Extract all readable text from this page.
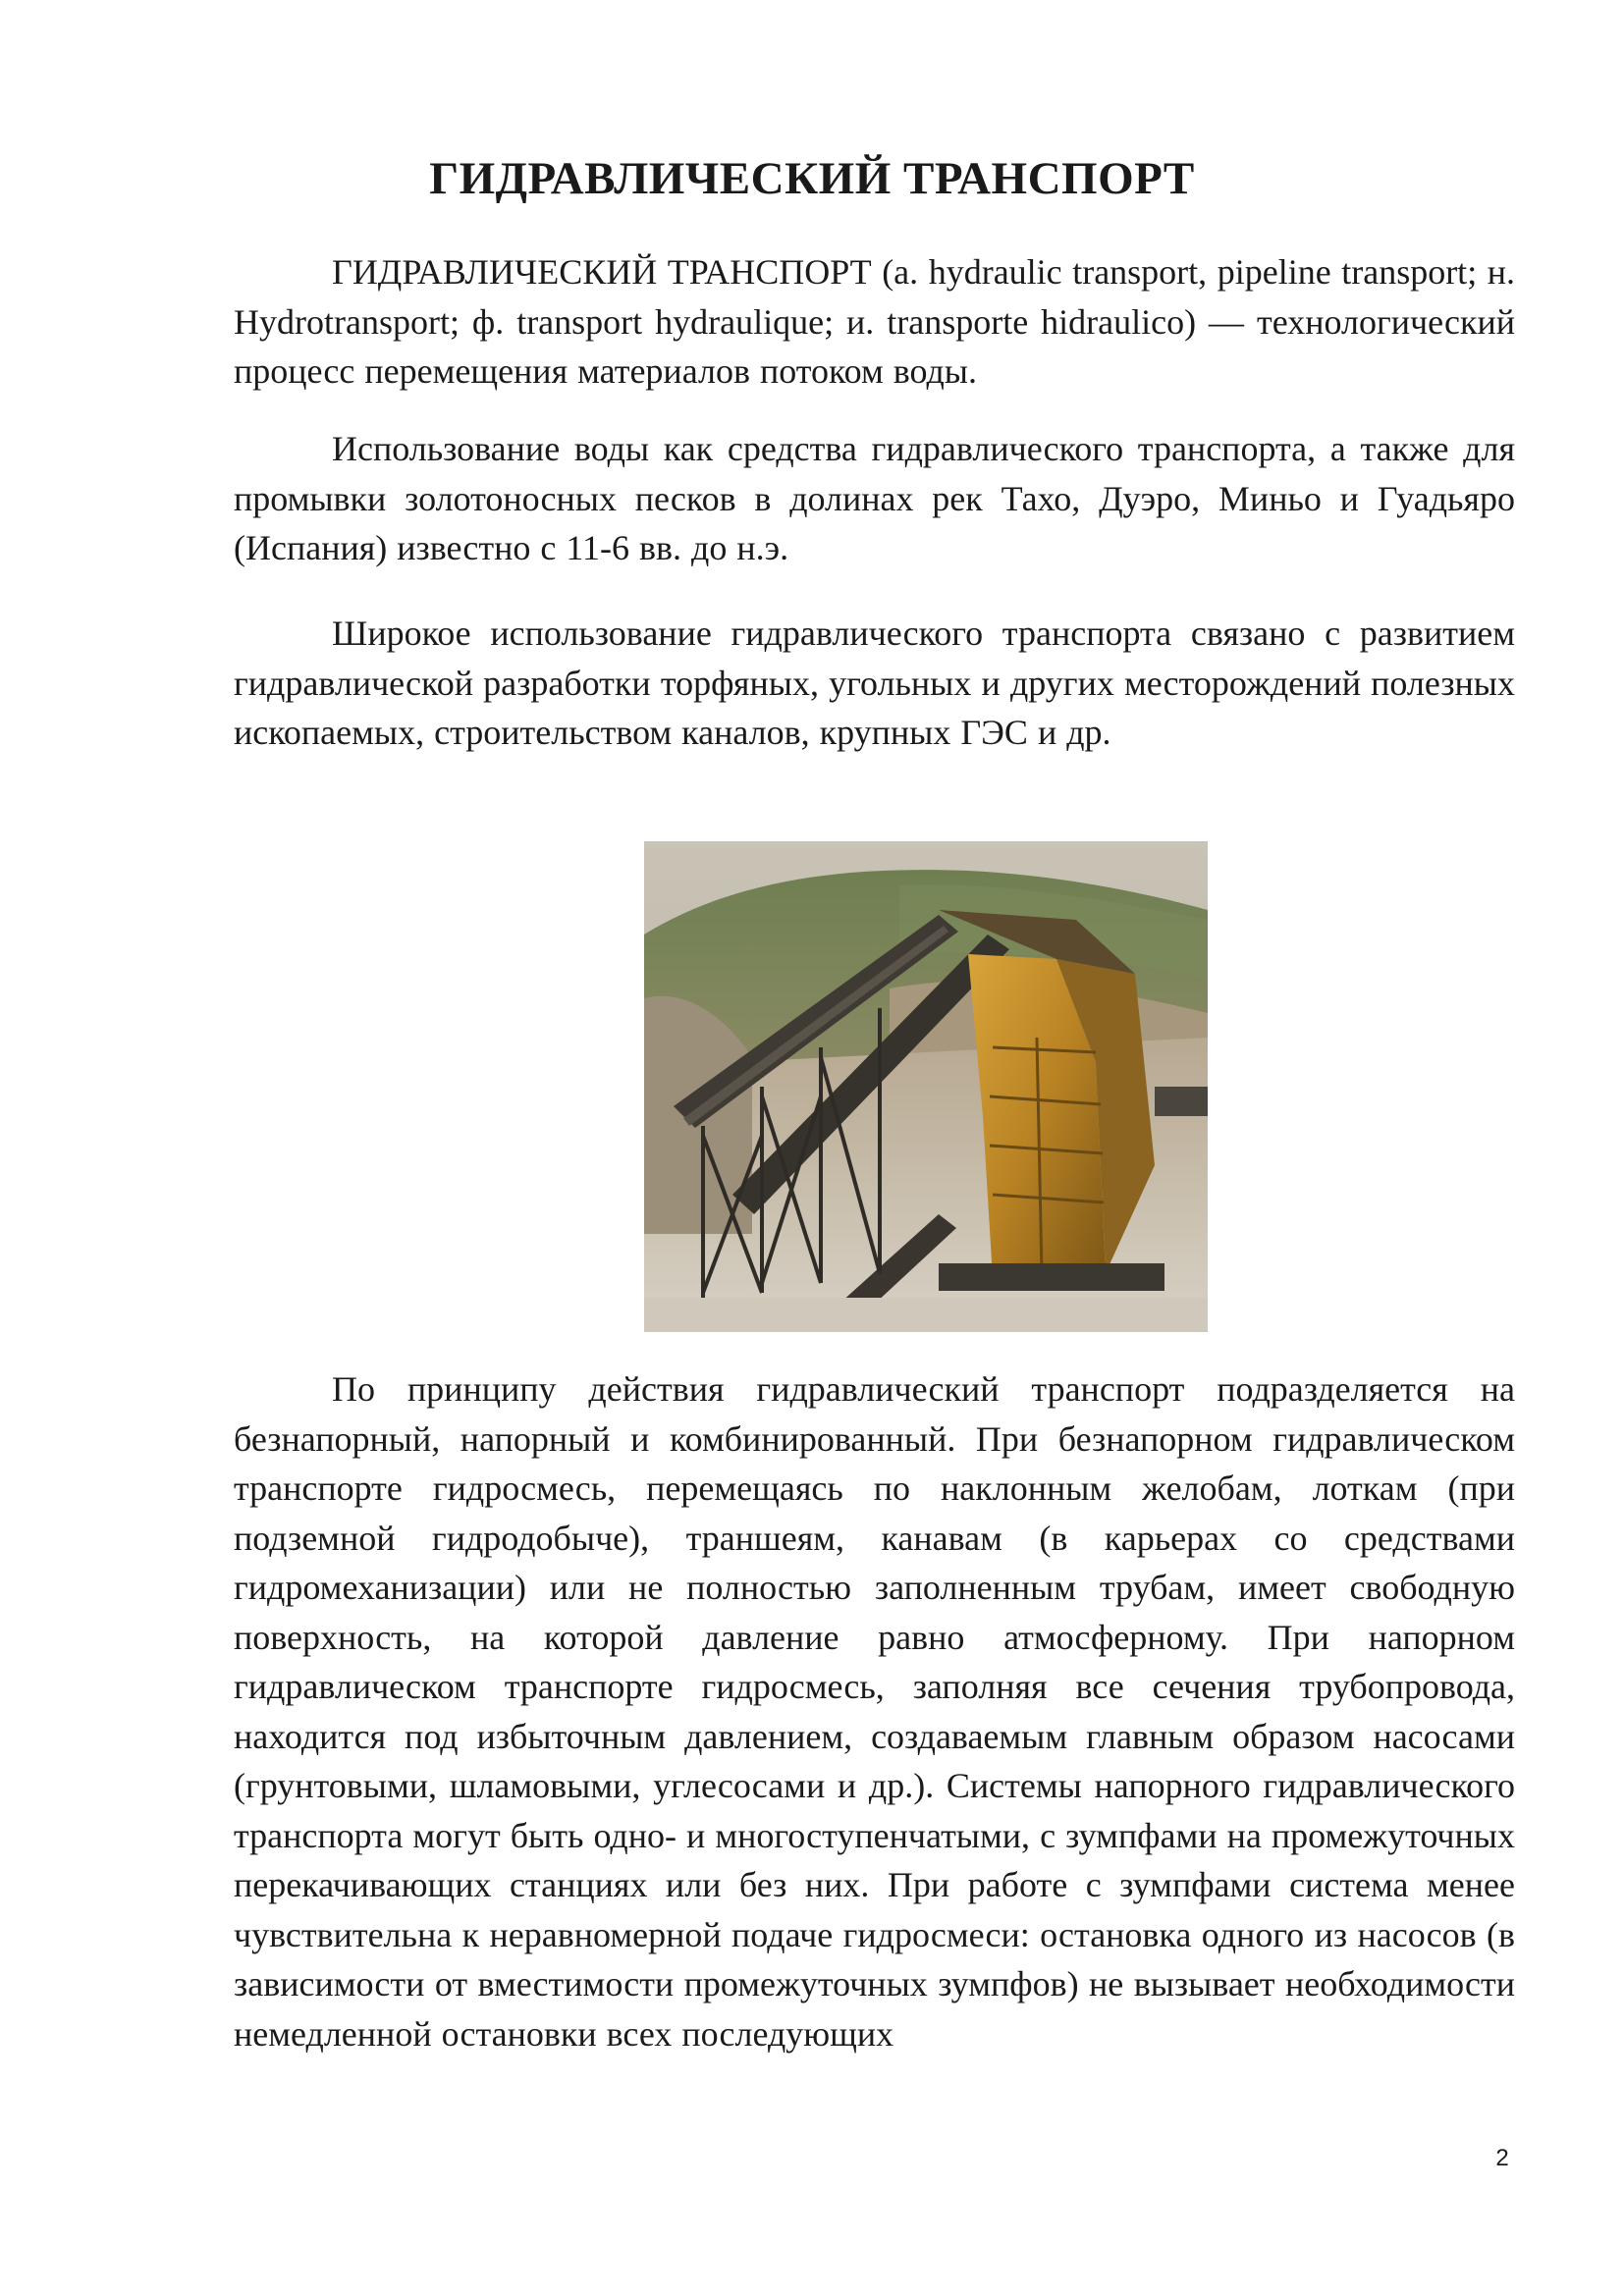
ГИДРАВЛИЧЕСКИЙ ТРАНСПОРТ

ГИДРАВЛИЧЕСКИЙ ТРАНСПОРТ (а. hydraulic transport, pipeline transport; н. Hydrotransport; ф. transport hydraulique; и. transporte hidraulico) — технологический процесс перемещения материалов потоком воды.

Использование воды как средства гидравлического транспорта, а также для промывки золотоносных песков в долинах рек Тахо, Дуэро, Миньо и Гуадьяро (Испания) известно с 11-6 вв. до н.э.

Широкое использование гидравлического транспорта связано с развитием гидравлической разработки торфяных, угольных и других месторождений полезных ископаемых, строительством каналов, крупных ГЭС и др.

По принципу действия гидравлический транспорт подразделяется на безнапорный, напорный и комбинированный. При безнапорном гидравлическом транспорте гидросмесь, перемещаясь по наклонным желобам, лоткам (при подземной гидродобыче), траншеям, канавам (в карьерах со средствами гидромеханизации) или не полностью заполненным трубам, имеет свободную поверхность, на которой давление равно атмосферному. При напорном гидравлическом транспорте гидросмесь, заполняя все сечения трубопровода, находится под избыточным давлением, создаваемым главным образом насосами (грунтовыми, шламовыми, углесосами и др.). Системы напорного гидравлического транспорта могут быть одно- и многоступенчатыми, с зумпфами на промежуточных перекачивающих станциях или без них. При работе с зумпфами система менее чувствительна к неравномерной подаче гидросмеси: остановка одного из насосов (в зависимости от вместимости промежуточных зумпфов) не вызывает необходимости немедленной остановки всех последующих

2
